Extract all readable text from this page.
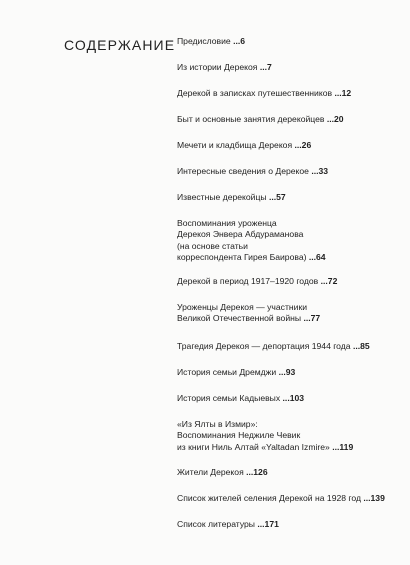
СОДЕРЖАНИЕ Предисловие ...6
Из истории Дерекоя ...7
Дерекой в записках путешественников ...12
Быт и основные занятия дерекойцев ...20
Мечети и кладбища Дерекоя ...26
Интересные сведения о Дерекое ...33
Известные дерекойцы ...57
Воспоминания уроженца
Дерекоя Энвера Абдураманова
(на основе статьи
корреспондента Гирея Баирова) ...64
Дерекой в период 1917–1920 годов ...72
Уроженцы Дерекоя — участники
Великой Отечественной войны ...77
Трагедия Дерекоя — депортация 1944 года ...85
История семьи Дремджи ...93
История семьи Кадыевых ...103
«Из Ялты в Измир»:
Воспоминания Неджиле Чевик
из книги Ниль Алтай «Yaltadan Izmire» ...119
Жители Дерекоя ...126
Список жителей селения Дерекой на 1928 год ...139
Список литературы ...171
